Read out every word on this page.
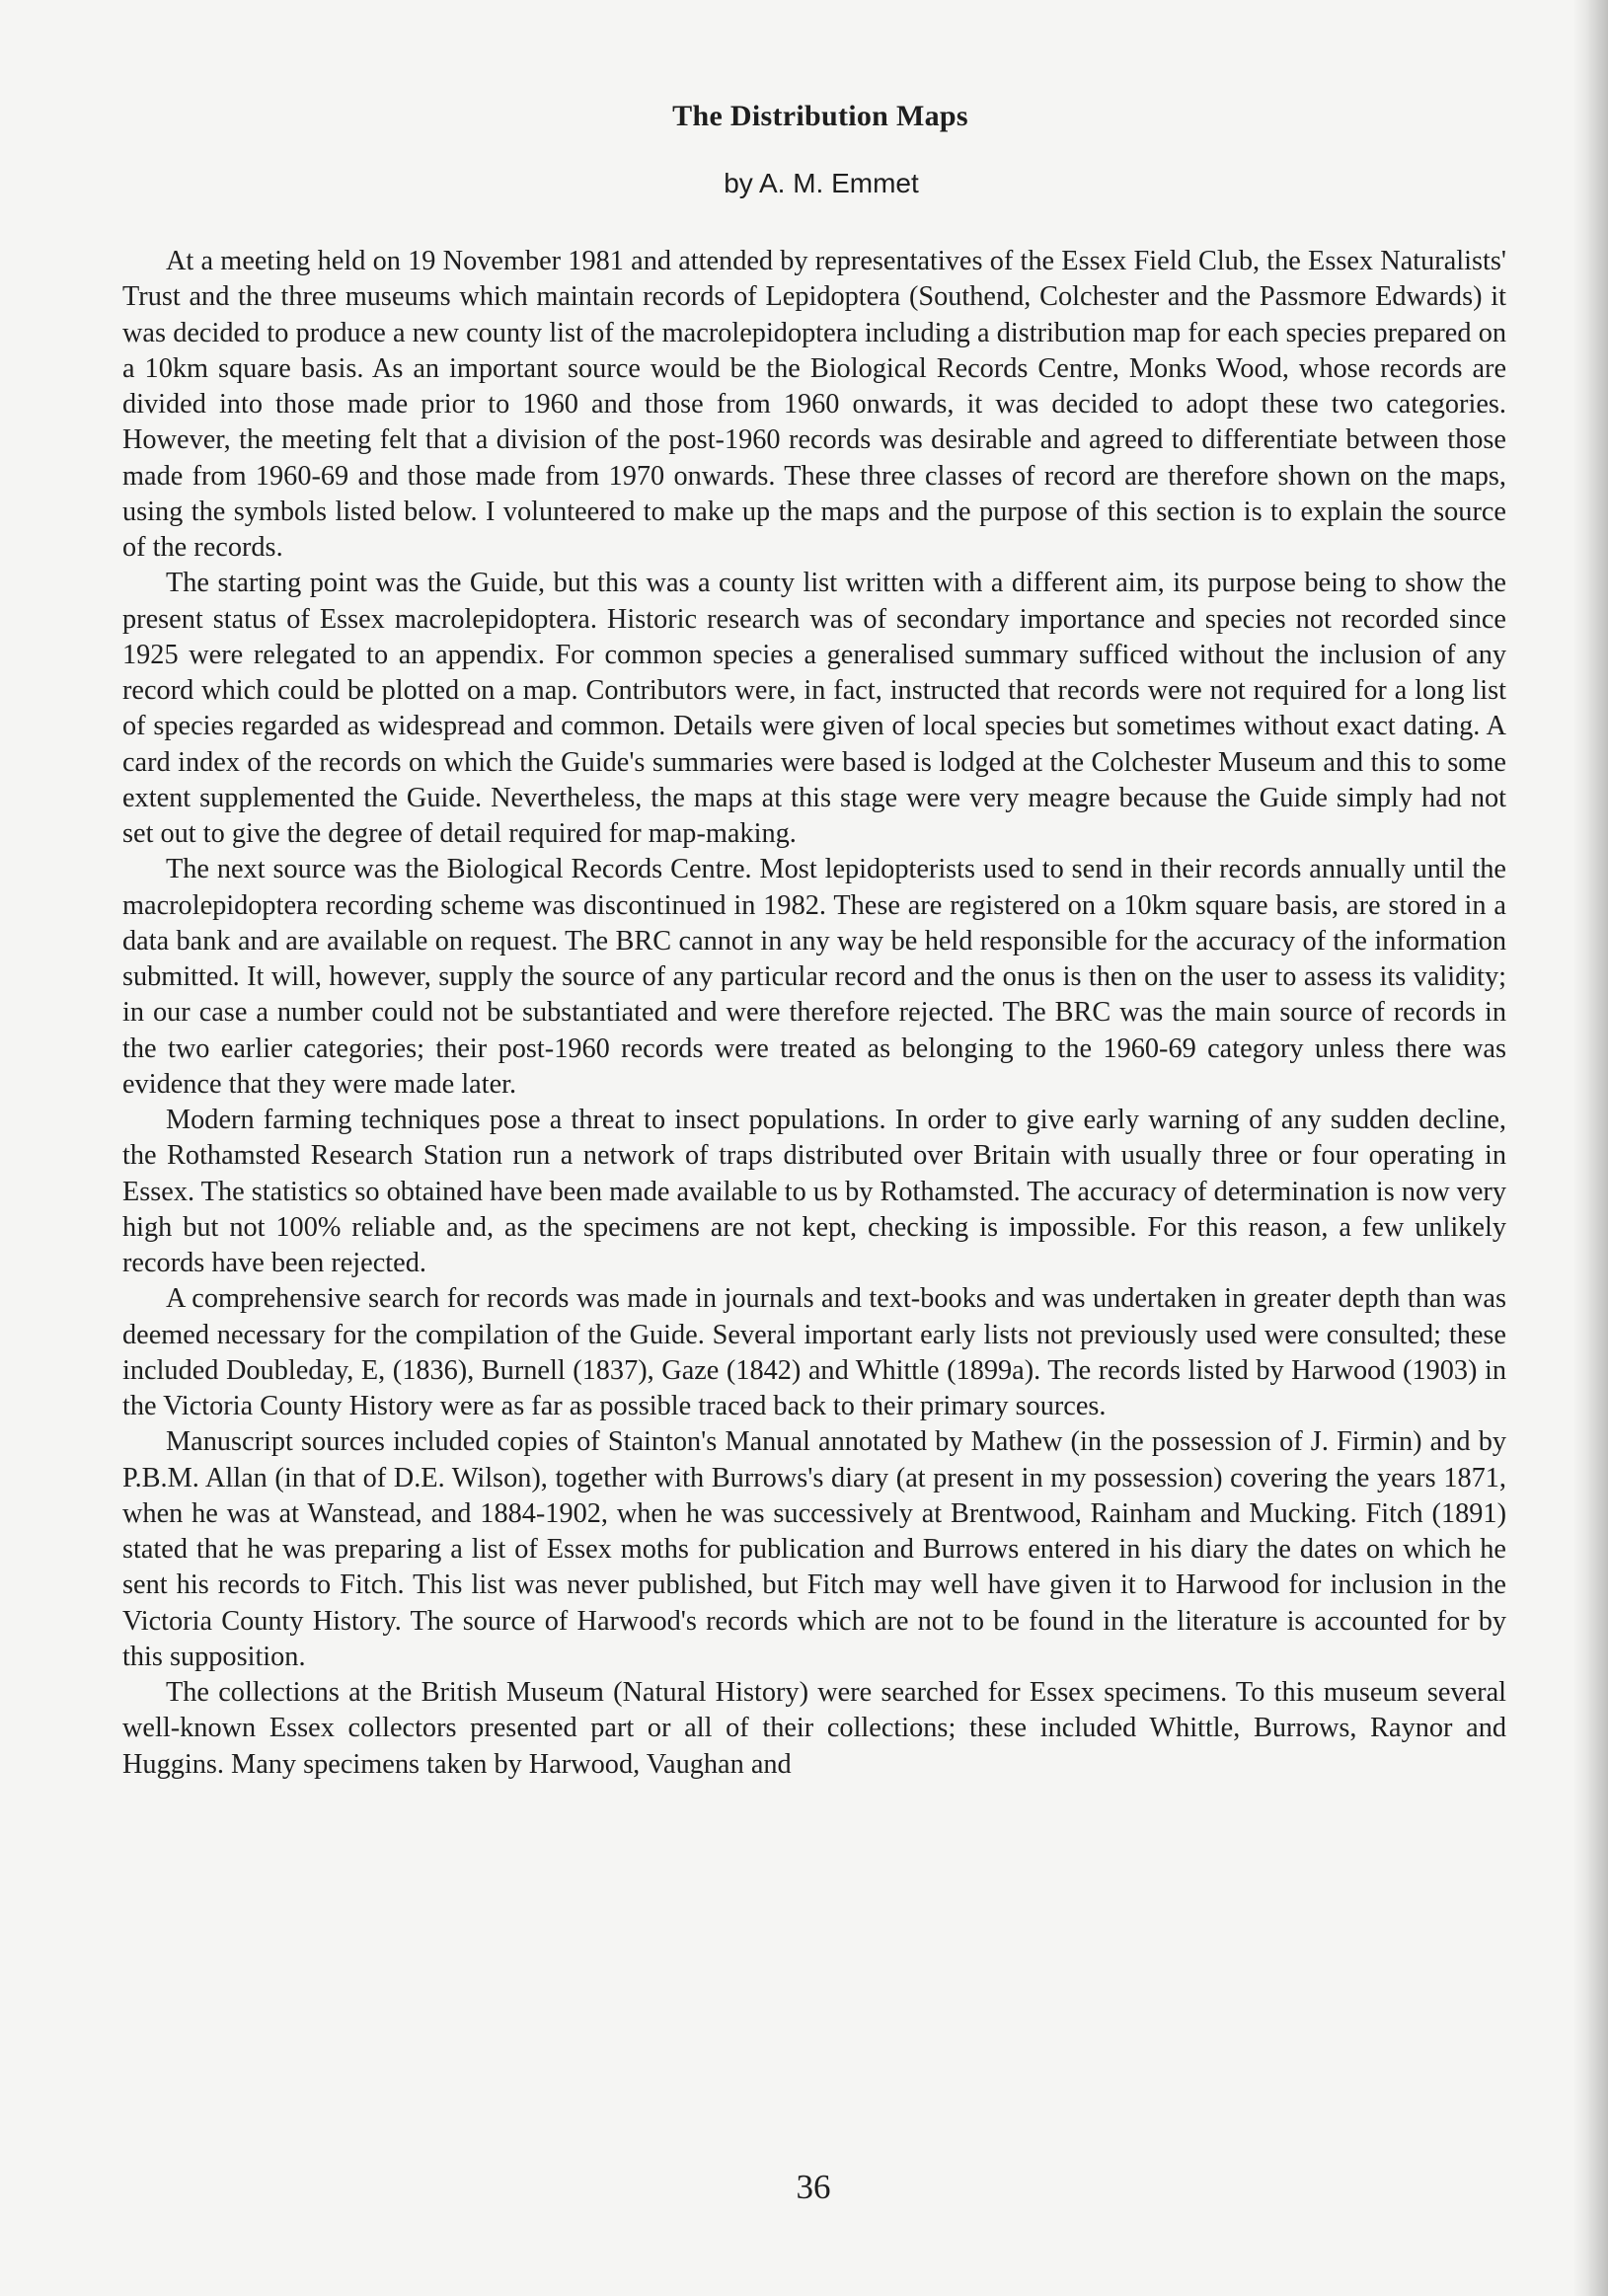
The Distribution Maps

by A. M. Emmet

At a meeting held on 19 November 1981 and attended by representatives of the Essex Field Club, the Essex Naturalists' Trust and the three museums which maintain records of Lepidoptera (Southend, Colchester and the Passmore Edwards) it was decided to produce a new county list of the macrolepidoptera including a distribution map for each species prepared on a 10km square basis. As an important source would be the Biological Records Centre, Monks Wood, whose records are divided into those made prior to 1960 and those from 1960 onwards, it was decided to adopt these two categories. However, the meeting felt that a division of the post-1960 records was desirable and agreed to differentiate between those made from 1960-69 and those made from 1970 onwards. These three classes of record are therefore shown on the maps, using the symbols listed below. I volunteered to make up the maps and the purpose of this section is to explain the source of the records.

The starting point was the Guide, but this was a county list written with a different aim, its purpose being to show the present status of Essex macrolepidoptera. Historic research was of secondary importance and species not recorded since 1925 were relegated to an appendix. For common species a generalised summary sufficed without the inclusion of any record which could be plotted on a map. Contributors were, in fact, instructed that records were not required for a long list of species regarded as widespread and common. Details were given of local species but sometimes without exact dating. A card index of the records on which the Guide's summaries were based is lodged at the Colchester Museum and this to some extent supplemented the Guide. Nevertheless, the maps at this stage were very meagre because the Guide simply had not set out to give the degree of detail required for map-making.

The next source was the Biological Records Centre. Most lepidopterists used to send in their records annually until the macrolepidoptera recording scheme was discontinued in 1982. These are registered on a 10km square basis, are stored in a data bank and are available on request. The BRC cannot in any way be held responsible for the accuracy of the information submitted. It will, however, supply the source of any particular record and the onus is then on the user to assess its validity; in our case a number could not be substantiated and were therefore rejected. The BRC was the main source of records in the two earlier categories; their post-1960 records were treated as belonging to the 1960-69 category unless there was evidence that they were made later.

Modern farming techniques pose a threat to insect populations. In order to give early warning of any sudden decline, the Rothamsted Research Station run a network of traps distributed over Britain with usually three or four operating in Essex. The statistics so obtained have been made available to us by Rothamsted. The accuracy of determination is now very high but not 100% reliable and, as the specimens are not kept, checking is impossible. For this reason, a few unlikely records have been rejected.

A comprehensive search for records was made in journals and text-books and was undertaken in greater depth than was deemed necessary for the compilation of the Guide. Several important early lists not previously used were consulted; these included Doubleday, E, (1836), Burnell (1837), Gaze (1842) and Whittle (1899a). The records listed by Harwood (1903) in the Victoria County History were as far as possible traced back to their primary sources.

Manuscript sources included copies of Stainton's Manual annotated by Mathew (in the possession of J. Firmin) and by P.B.M. Allan (in that of D.E. Wilson), together with Burrows's diary (at present in my possession) covering the years 1871, when he was at Wanstead, and 1884-1902, when he was successively at Brentwood, Rainham and Mucking. Fitch (1891) stated that he was preparing a list of Essex moths for publication and Burrows entered in his diary the dates on which he sent his records to Fitch. This list was never published, but Fitch may well have given it to Harwood for inclusion in the Victoria County History. The source of Harwood's records which are not to be found in the literature is accounted for by this supposition.

The collections at the British Museum (Natural History) were searched for Essex specimens. To this museum several well-known Essex collectors presented part or all of their collections; these included Whittle, Burrows, Raynor and Huggins. Many specimens taken by Harwood, Vaughan and

36
